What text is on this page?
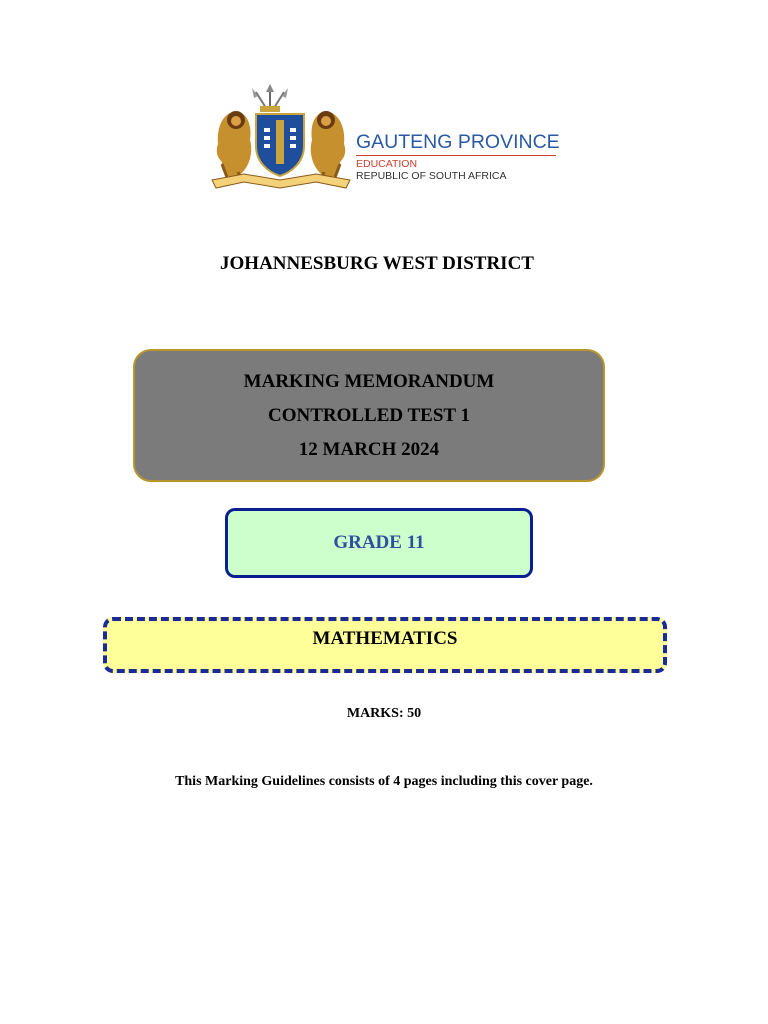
GAUTENG PROVINCE
EDUCATION
REPUBLIC OF SOUTH AFRICA
JOHANNESBURG WEST DISTRICT
MARKING MEMORANDUM
CONTROLLED TEST 1
12 MARCH 2024
GRADE 11
MATHEMATICS
MARKS: 50
This Marking Guidelines consists of 4 pages including this cover page.
